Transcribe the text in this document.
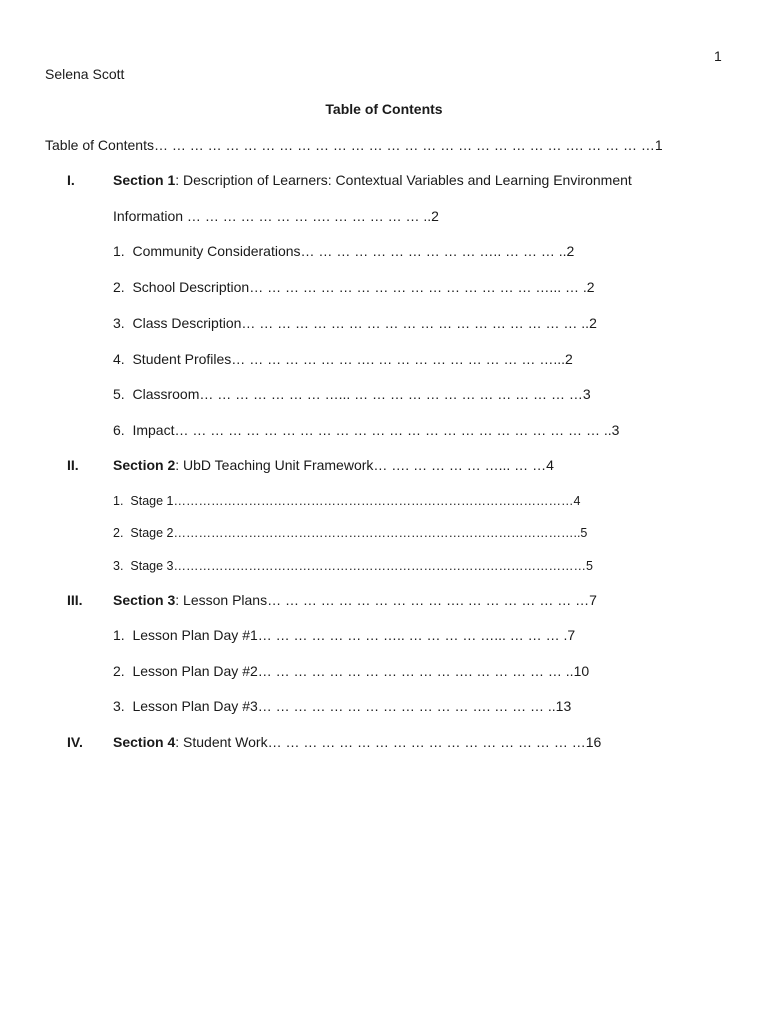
1
Selena Scott
Table of Contents
Table of Contents… … … … … … … … … … … … … … … … … … … … … … … …. … … … …1
I.	Section 1: Description of Learners: Contextual Variables and Learning Environment
Information … … … … … … … …. … … … … … ..2
1. Community Considerations… … … … … … … … … … ….. … … … ..2
2. School Description… … … … … … … … … … … … … … … … …... … .2
3. Class Description… … … … … … … … … … … … … … … … … … … ..2
4. Student Profiles… … … … … … … …. … … … … … … … … … …...2
5. Classroom… … … … … … … …... … … … … … … … … … … … … …3
6. Impact… … … … … … … … … … … … … … … … … … … … … … … … ..3
II. Section 2: UbD Teaching Unit Framework… …. … … … … …... … …4
1. Stage 1……………………………………………………………………………………4
2. Stage 2……………………………………………………………………………………..5
3. Stage 3………………………………………………………………………………………5
III. Section 3: Lesson Plans… … … … … … … … … … …. … … … … … … …7
1. Lesson Plan Day #1… … … … … … … ….. … … … … …... … … … .7
2. Lesson Plan Day #2… … … … … … … … … … … …. … … … … … ..10
3. Lesson Plan Day #3… … … … … … … … … … … … …. … … … ..13
IV. Section 4: Student Work… … … … … … … … … … … … … … … … … …16
